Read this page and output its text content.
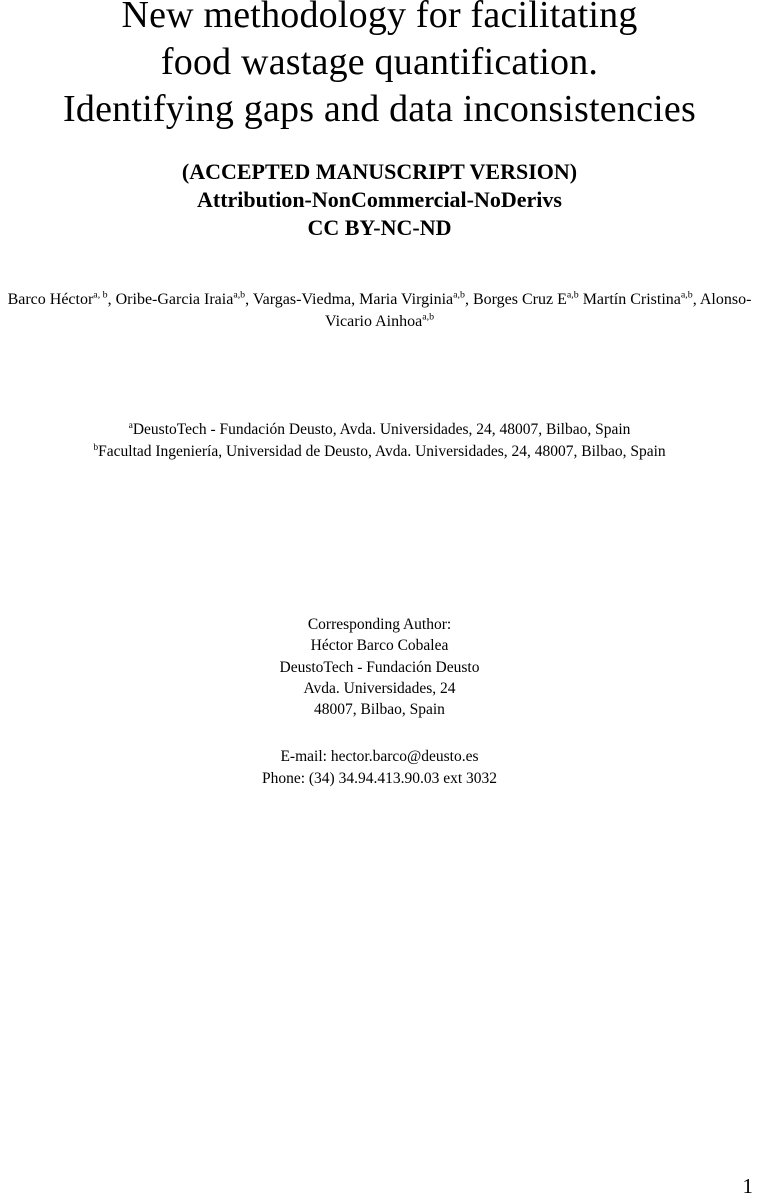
New methodology for facilitating
food wastage quantification.
Identifying gaps and data inconsistencies
(ACCEPTED MANUSCRIPT VERSION)
Attribution-NonCommercial-NoDerivs
CC BY-NC-ND
Barco Héctor$^{a, b}$, Oribe-Garcia Iraia$^{a,b}$, Vargas-Viedma, Maria Virginia$^{a,b}$, Borges Cruz E$^{a,b}$ Martín Cristina$^{a,b}$, Alonso-Vicario Ainhoa$^{a,b}$
$^a$DeustoTech - Fundación Deusto, Avda. Universidades, 24, 48007, Bilbao, Spain
$^b$Facultad Ingeniería, Universidad de Deusto, Avda. Universidades, 24, 48007, Bilbao, Spain
Corresponding Author:
Héctor Barco Cobalea
DeustoTech - Fundación Deusto
Avda. Universidades, 24
48007, Bilbao, Spain
E-mail: hector.barco@deusto.es
Phone: (34) 34.94.413.90.03 ext 3032
1
